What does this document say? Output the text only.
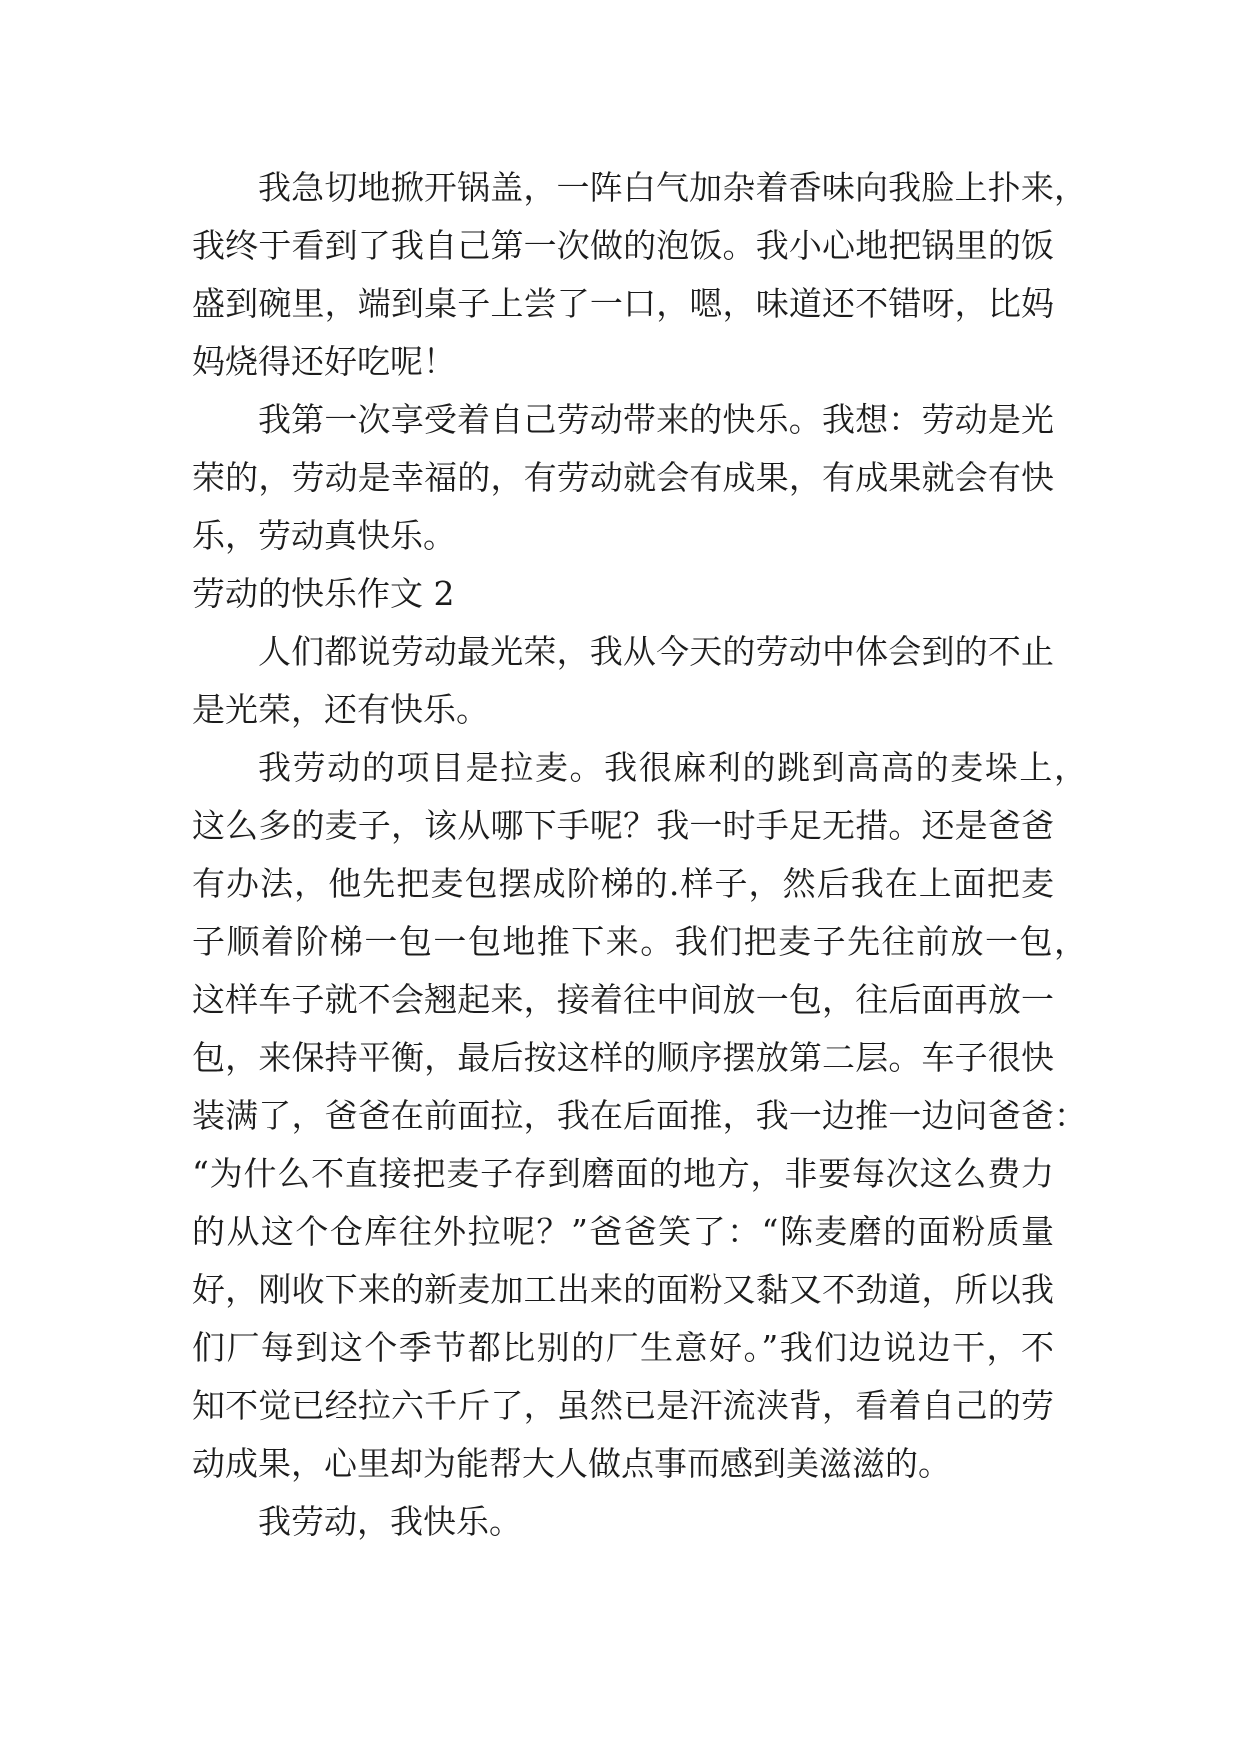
我急切地掀开锅盖，一阵白气加杂着香味向我脸上扑来，
我终于看到了我自己第一次做的泡饭。我小心地把锅里的饭
盛到碗里，端到桌子上尝了一口，嗯，味道还不错呀，比妈
妈烧得还好吃呢！
我第一次享受着自己劳动带来的快乐。我想：劳动是光
荣的，劳动是幸福的，有劳动就会有成果，有成果就会有快
乐，劳动真快乐。
劳动的快乐作文 2
人们都说劳动最光荣，我从今天的劳动中体会到的不止
是光荣，还有快乐。
我劳动的项目是拉麦。我很麻利的跳到高高的麦垛上，
这么多的麦子，该从哪下手呢？我一时手足无措。还是爸爸
有办法，他先把麦包摆成阶梯的.样子，然后我在上面把麦
子顺着阶梯一包一包地推下来。我们把麦子先往前放一包，
这样车子就不会翘起来，接着往中间放一包，往后面再放一
包，来保持平衡，最后按这样的顺序摆放第二层。车子很快
装满了，爸爸在前面拉，我在后面推，我一边推一边问爸爸：
“为什么不直接把麦子存到磨面的地方，非要每次这么费力
的从这个仓库往外拉呢？”爸爸笑了：“陈麦磨的面粉质量
好，刚收下来的新麦加工出来的面粉又黏又不劲道，所以我
们厂每到这个季节都比别的厂生意好。”我们边说边干，不
知不觉已经拉六千斤了，虽然已是汗流浃背，看着自己的劳
动成果，心里却为能帮大人做点事而感到美滋滋的。
我劳动，我快乐。
